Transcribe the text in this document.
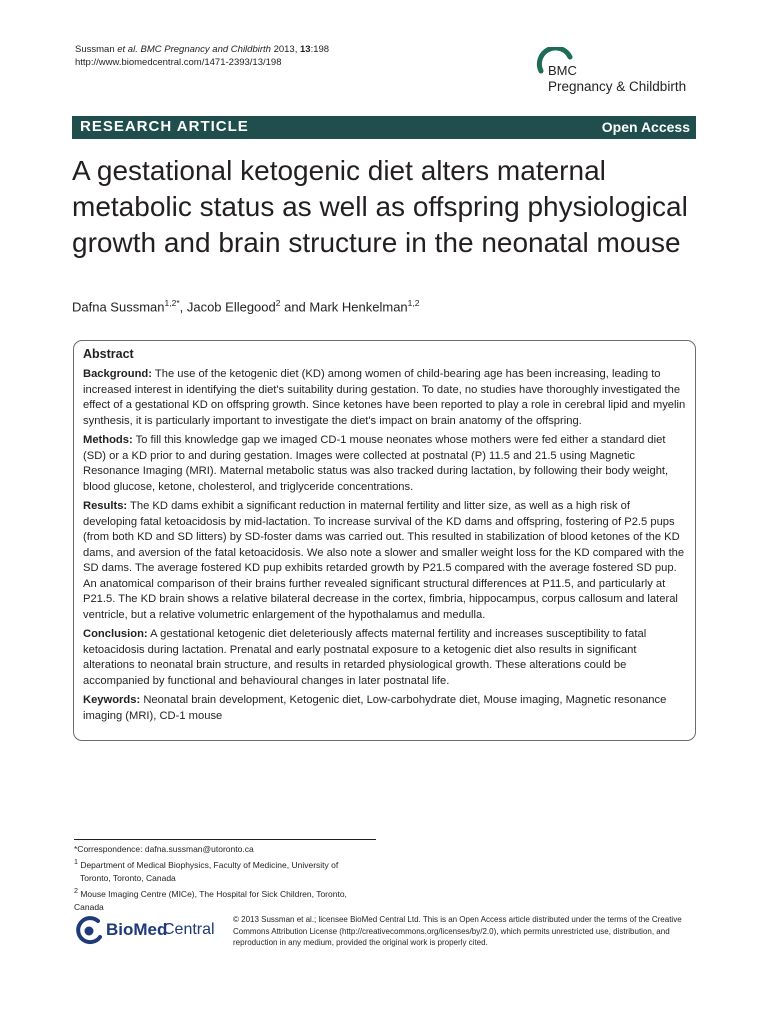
Sussman et al. BMC Pregnancy and Childbirth 2013, 13:198
http://www.biomedcentral.com/1471-2393/13/198
BMC
Pregnancy & Childbirth
RESEARCH ARTICLE	Open Access
A gestational ketogenic diet alters maternal metabolic status as well as offspring physiological growth and brain structure in the neonatal mouse
Dafna Sussman$^{1,2*}$, Jacob Ellegood$^2$ and Mark Henkelman$^{1,2}$
Abstract

Background: The use of the ketogenic diet (KD) among women of child-bearing age has been increasing, leading to increased interest in identifying the diet's suitability during gestation. To date, no studies have thoroughly investigated the effect of a gestational KD on offspring growth. Since ketones have been reported to play a role in cerebral lipid and myelin synthesis, it is particularly important to investigate the diet's impact on brain anatomy of the offspring.

Methods: To fill this knowledge gap we imaged CD-1 mouse neonates whose mothers were fed either a standard diet (SD) or a KD prior to and during gestation. Images were collected at postnatal (P) 11.5 and 21.5 using Magnetic Resonance Imaging (MRI). Maternal metabolic status was also tracked during lactation, by following their body weight, blood glucose, ketone, cholesterol, and triglyceride concentrations.

Results: The KD dams exhibit a significant reduction in maternal fertility and litter size, as well as a high risk of developing fatal ketoacidosis by mid-lactation. To increase survival of the KD dams and offspring, fostering of P2.5 pups (from both KD and SD litters) by SD-foster dams was carried out. This resulted in stabilization of blood ketones of the KD dams, and aversion of the fatal ketoacidosis. We also note a slower and smaller weight loss for the KD compared with the SD dams. The average fostered KD pup exhibits retarded growth by P21.5 compared with the average fostered SD pup. An anatomical comparison of their brains further revealed significant structural differences at P11.5, and particularly at P21.5. The KD brain shows a relative bilateral decrease in the cortex, fimbria, hippocampus, corpus callosum and lateral ventricle, but a relative volumetric enlargement of the hypothalamus and medulla.

Conclusion: A gestational ketogenic diet deleteriously affects maternal fertility and increases susceptibility to fatal ketoacidosis during lactation. Prenatal and early postnatal exposure to a ketogenic diet also results in significant alterations to neonatal brain structure, and results in retarded physiological growth. These alterations could be accompanied by functional and behavioural changes in later postnatal life.

Keywords: Neonatal brain development, Ketogenic diet, Low-carbohydrate diet, Mouse imaging, Magnetic resonance imaging (MRI), CD-1 mouse

*Correspondence: dafna.sussman@utoronto.ca

$^1$ Department of Medical Biophysics, Faculty of Medicine, University of

Toronto, Toronto, Canada

$^2$ Mouse Imaging Centre (MICe), The Hospital for Sick Children, Toronto, Canada

BioMed
Central
© 2013 Sussman et al.; licensee BioMed Central Ltd. This is an Open Access article distributed under the terms of the Creative Commons Attribution License (http://creativecommons.org/licenses/by/2.0), which permits unrestricted use, distribution, and reproduction in any medium, provided the original work is properly cited.
